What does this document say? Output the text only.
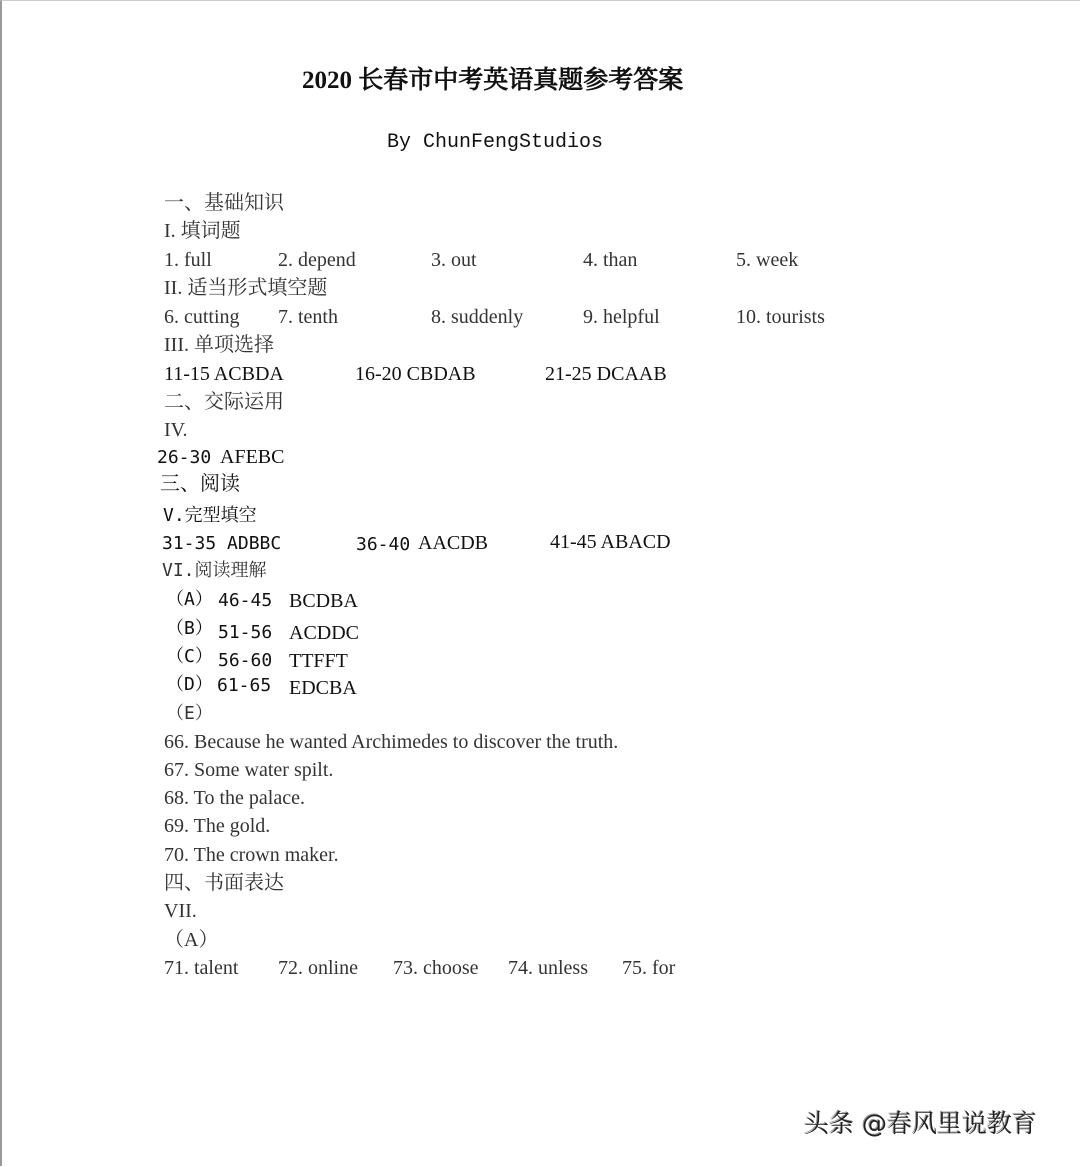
2020 长春市中考英语真题参考答案
By ChunFengStudios
一、基础知识
I. 填词题
1. full	2. depend	3. out	4. than	5. week
II. 适当形式填空题
6. cutting 7. tenth	8. suddenly	9. helpful	10. tourists
III. 单项选择
11-15 ACBDA	16-20 CBDAB	21-25 DCAAB
二、交际运用
IV.
26-30 AFEBC
三、阅读
V.完型填空
31-35 ADBBC	36-40 AACDB	41-45 ABACD
VI.阅读理解
（A） 46-45 BCDBA
（B） 51-56 ACDDC
（C） 56-60 TTFFT
（D） 61-65 EDCBA
（E）
66. Because he wanted Archimedes to discover the truth.
67. Some water spilt.
68. To the palace.
69. The gold.
70. The crown maker.
四、书面表达
VII.
（A）
71. talent 72. online 73. choose 74. unless 75. for
头条 @春风里说教育
